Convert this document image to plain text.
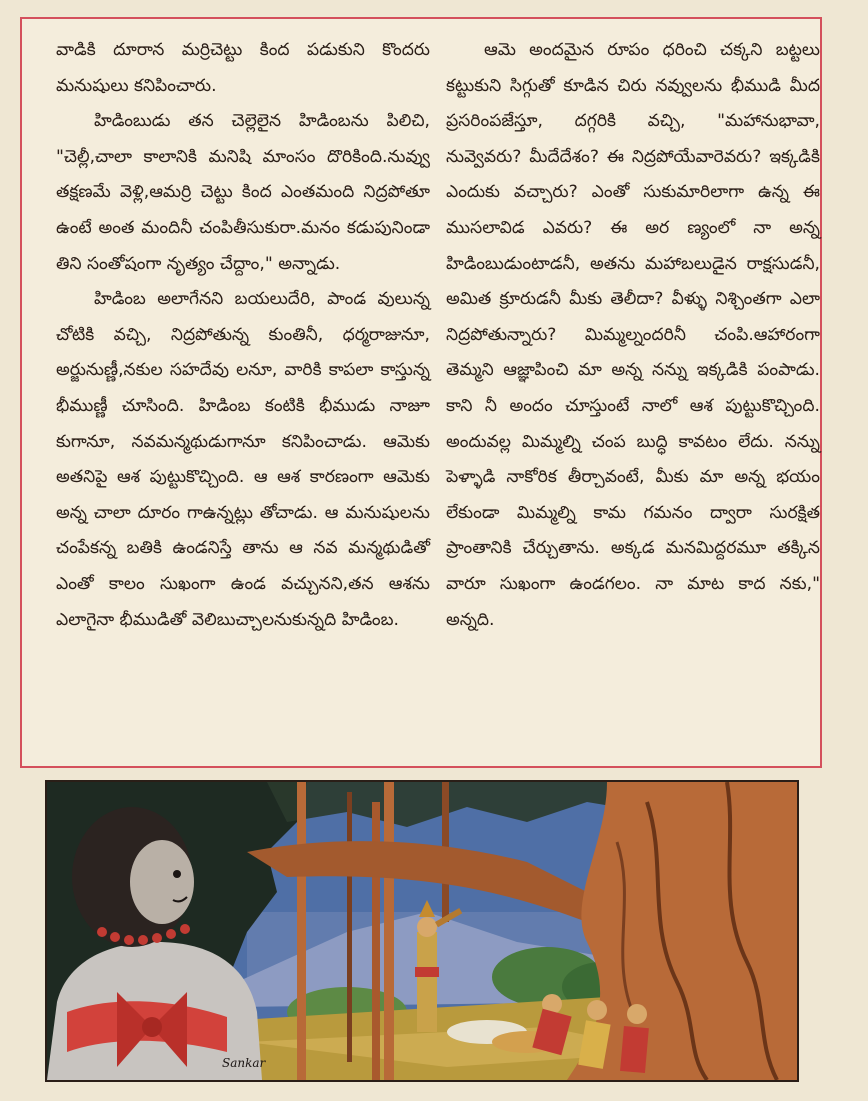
వాడికి దూరాన మర్రిచెట్టు కింద పడుకుని కొందరు మనుషులు కనిపించారు.

హిడింబుడు తన చెల్లెలైన హిడింబను పిలిచి, "చెల్లీ,చాలా కాలానికి మనిషి మాంసం దొరికింది.నువ్వు తక్షణమే వెళ్లి,ఆమర్రి చెట్టు కింద ఎంతమంది నిద్రపోతూ ఉంటే అంత మందినీ చంపితీసుకురా.మనం కడుపునిండా తిని సంతోషంగా నృత్యం చేద్దాం," అన్నాడు.

హిడింబ అలాగేనని బయలుదేరి, పాండ వులున్న చోటికి వచ్చి, నిద్రపోతున్న కుంతినీ, ధర్మరాజునూ, అర్జునుణ్ణీ,నకుల సహదేవు లనూ, వారికి కాపలా కాస్తున్న భీముణ్ణీ చూసింది. హిడింబ కంటికి భీముడు నాజూ కుగానూ, నవమన్మథుడుగానూ కనిపించాడు. ఆమెకు అతనిపై ఆశ పుట్టుకొచ్చింది. ఆ ఆశ కారణంగా ఆమెకు అన్న చాలా దూరం గాఉన్నట్లు తోచాడు. ఆ మనుషులను చంపేకన్న బతికి ఉండనిస్తే తాను ఆ నవ మన్మథుడితో ఎంతో కాలం సుఖంగా ఉండ వచ్చునని,తన ఆశను ఎలాగైనా భీముడితో వెలిబుచ్చాలనుకున్నది హిడింబ.

ఆమె అందమైన రూపం ధరించి చక్కని బట్టలు కట్టుకుని సిగ్గుతో కూడిన చిరు నవ్వులను భీముడి మీద ప్రసరింపజేస్తూ, దగ్గరికి వచ్చి, "మహానుభావా, నువ్వెవరు? మీదేదేశం? ఈ నిద్రపోయేవారెవరు? ఇక్కడికి ఎందుకు వచ్చారు? ఎంతో సుకుమారిలాగా ఉన్న ఈ ముసలావిడ ఎవరు? ఈ అర ణ్యంలో నా అన్న హిడింబుడుంటాడనీ, అతను మహాబలుడైన రాక్షసుడనీ, అమిత క్రూరుడనీ మీకు తెలీదా? వీళ్ళు నిశ్చింతగా ఎలా నిద్రపోతున్నారు? మిమ్మల్నందరినీ చంపి.ఆహారంగా తెమ్మని ఆజ్ఞాపించి మా అన్న నన్ను ఇక్కడికి పంపాడు. కాని నీ అందం చూస్తుంటే నాలో ఆశ పుట్టుకొచ్చింది. అందువల్ల మిమ్మల్ని చంప బుద్ధి కావటం లేదు. నన్ను పెళ్ళాడి నాకోరిక తీర్చావంటే, మీకు మా అన్న భయం లేకుండా మిమ్మల్ని కామ గమనం ద్వారా సురక్షిత ప్రాంతానికి చేర్చుతాను. అక్కడ మనమిద్దరమూ తక్కిన వారూ సుఖంగా ఉండగలం. నా మాట కాద నకు," అన్నది.

Sankar
